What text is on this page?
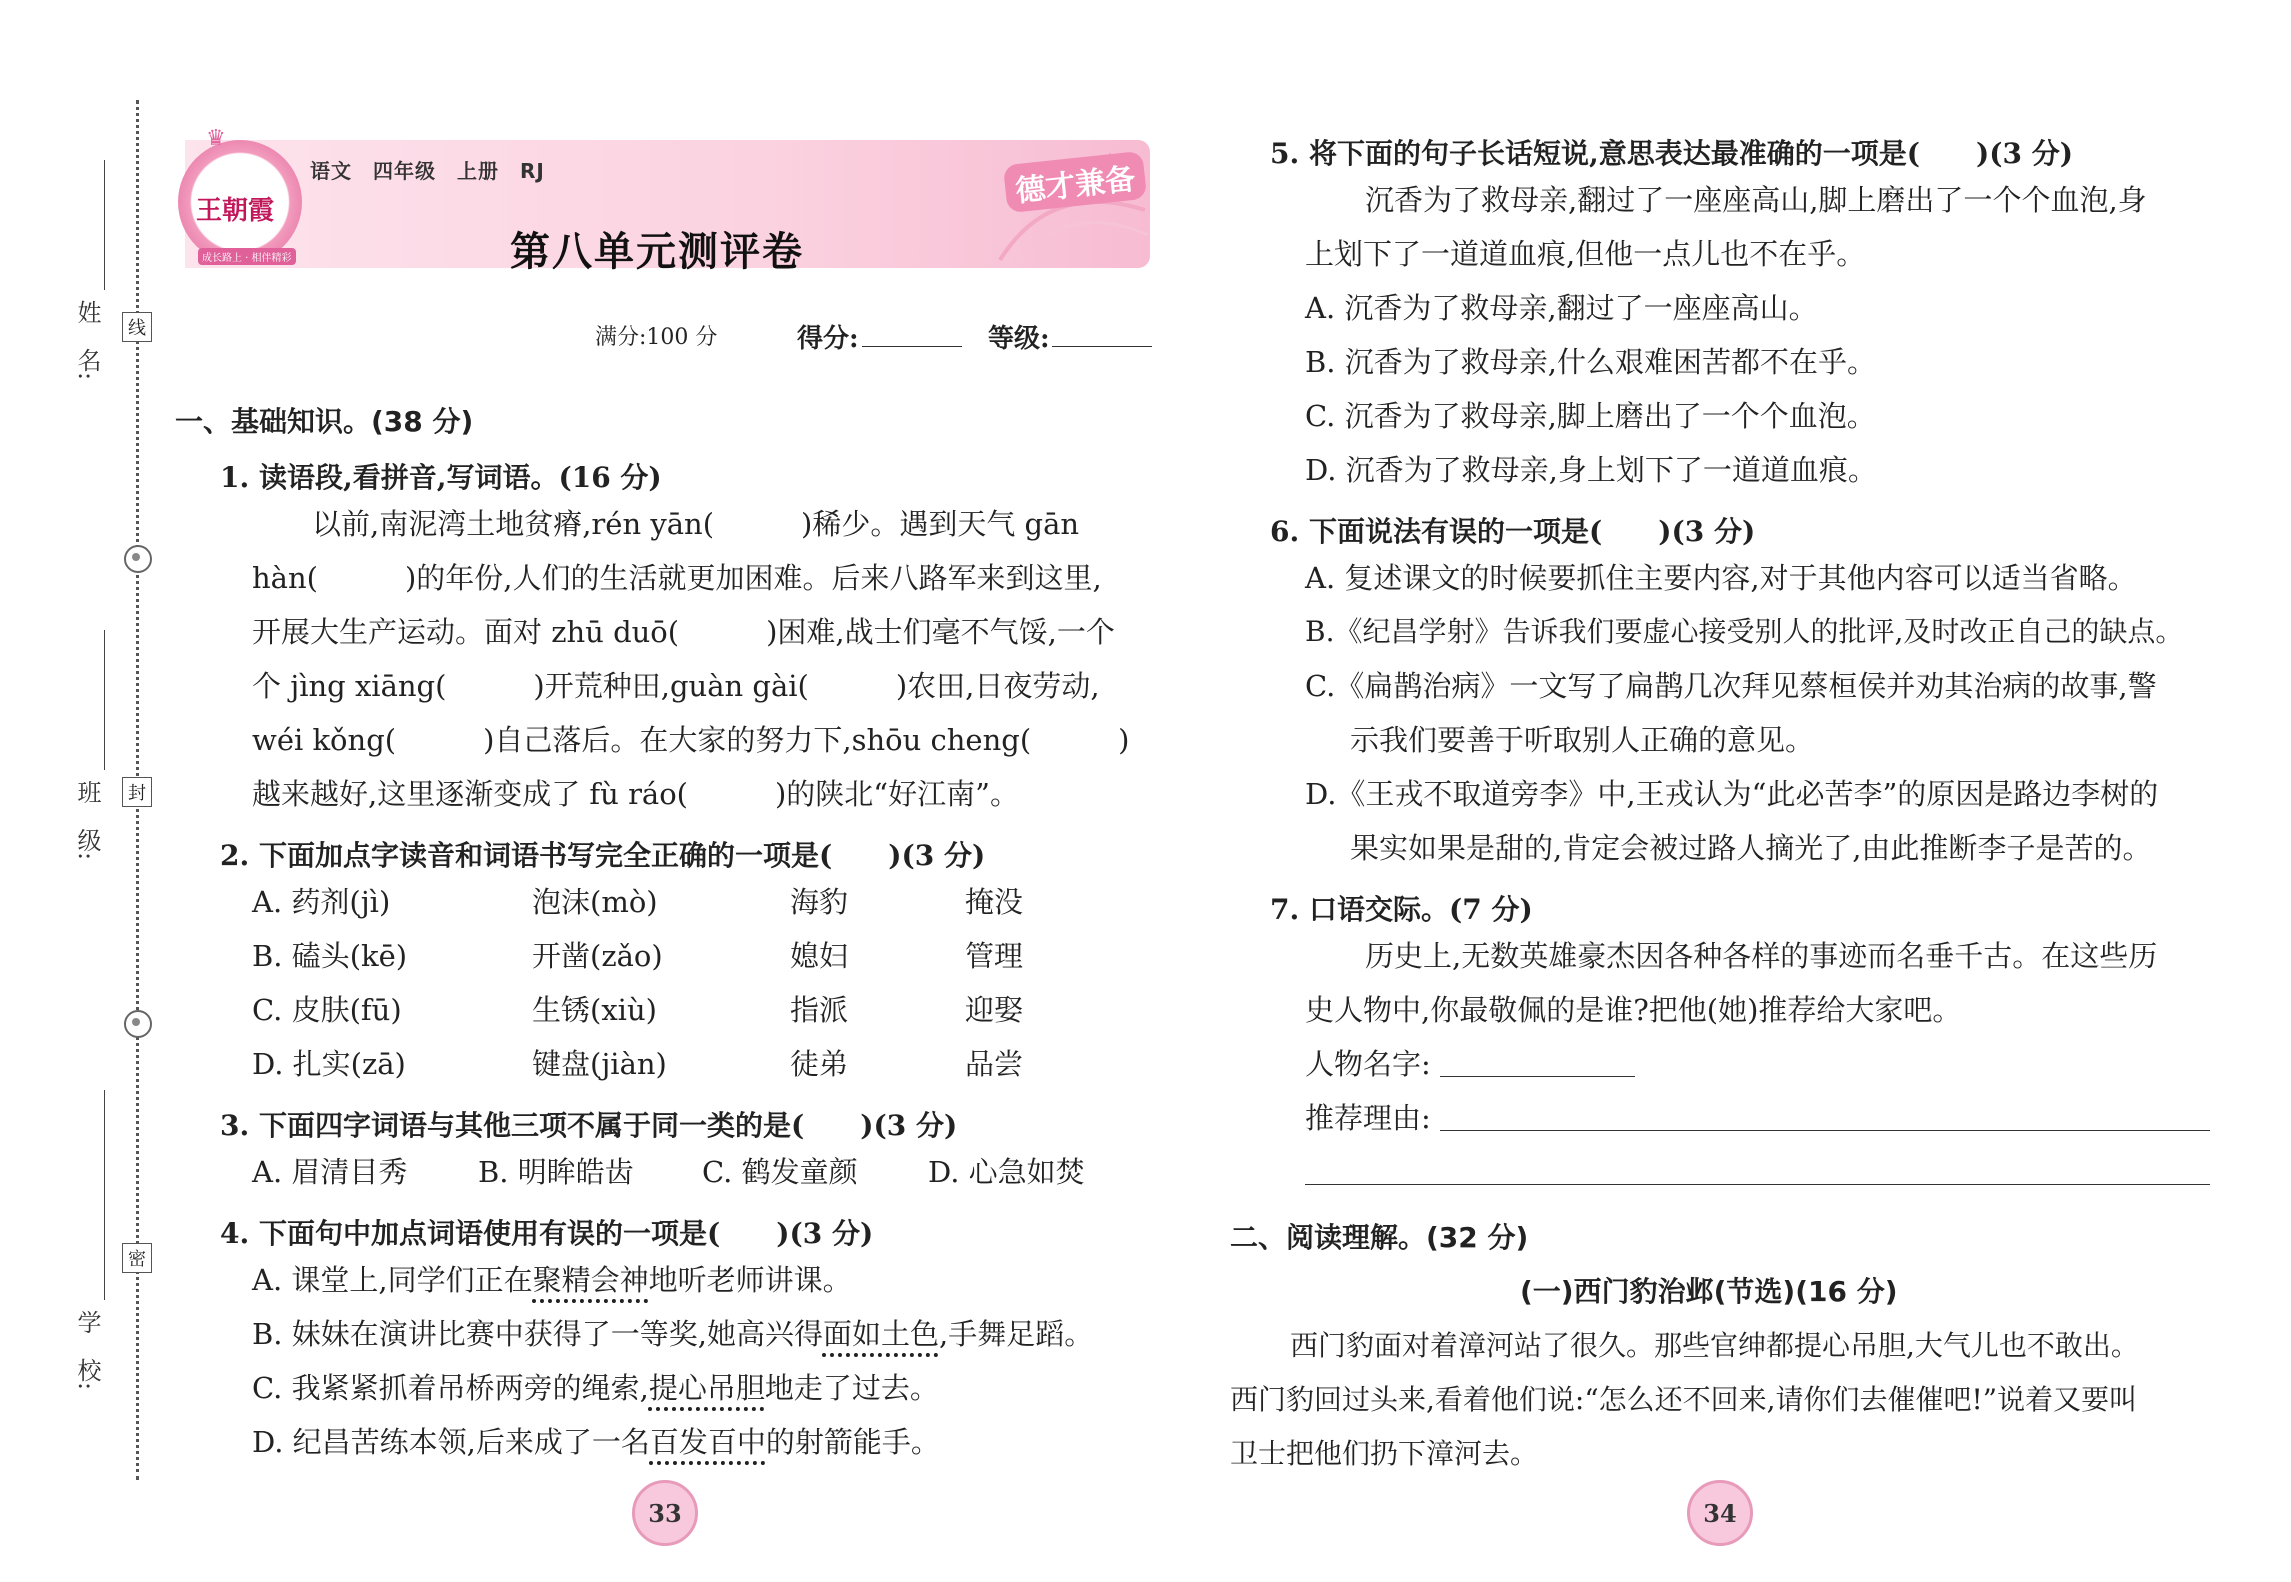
姓　名:
班　级:
学　校:
线
封
密
王朝霞
成长路上 · 相伴精彩
♛
语文　四年级　上册　RJ	德才兼备
第八单元测评卷
满分:100 分	得分:	等级:
一、基础知识。(38 分)
1. 读语段,看拼音,写词语。(16 分)
以前,南泥湾土地贫瘠,rén yān(　　　)稀少。遇到天气 gān
hàn(　　　)的年份,人们的生活就更加困难。后来八路军来到这里,
开展大生产运动。面对 zhū duō(　　　)困难,战士们毫不气馁,一个
个 jìng xiāng(　　　)开荒种田,guàn gài(　　　)农田,日夜劳动,
wéi kǒng(　　　)自己落后。在大家的努力下,shōu cheng(　　　)
越来越好,这里逐渐变成了 fù ráo(　　　)的陕北“好江南”。
2. 下面加点字读音和词语书写完全正确的一项是(　　)(3 分)
A. 药剂(jì)	泡沫(mò)	海豹	掩没
B. 磕头(kē)	开凿(zǎo)	媳妇	管理
C. 皮肤(fū)	生锈(xiù)	指派	迎娶
D. 扎实(zā)	键盘(jiàn)	徒弟	品尝
3. 下面四字词语与其他三项不属于同一类的是(　　)(3 分)
A. 眉清目秀 B. 明眸皓齿 C. 鹤发童颜 D. 心急如焚
4. 下面句中加点词语使用有误的一项是(　　)(3 分)
A. 课堂上,同学们正在聚精会神地听老师讲课。
B. 妹妹在演讲比赛中获得了一等奖,她高兴得面如土色,手舞足蹈。
C. 我紧紧抓着吊桥两旁的绳索,提心吊胆地走了过去。
D. 纪昌苦练本领,后来成了一名百发百中的射箭能手。
33
5. 将下面的句子长话短说,意思表达最准确的一项是(　　)(3 分)
沉香为了救母亲,翻过了一座座高山,脚上磨出了一个个血泡,身
上划下了一道道血痕,但他一点儿也不在乎。
A. 沉香为了救母亲,翻过了一座座高山。
B. 沉香为了救母亲,什么艰难困苦都不在乎。
C. 沉香为了救母亲,脚上磨出了一个个血泡。
D. 沉香为了救母亲,身上划下了一道道血痕。
6. 下面说法有误的一项是(　　)(3 分)
A. 复述课文的时候要抓住主要内容,对于其他内容可以适当省略。
B.《纪昌学射》告诉我们要虚心接受别人的批评,及时改正自己的缺点。
C.《扁鹊治病》一文写了扁鹊几次拜见蔡桓侯并劝其治病的故事,警
示我们要善于听取别人正确的意见。
D.《王戎不取道旁李》中,王戎认为“此必苦李”的原因是路边李树的
果实如果是甜的,肯定会被过路人摘光了,由此推断李子是苦的。
7. 口语交际。(7 分)
历史上,无数英雄豪杰因各种各样的事迹而名垂千古。在这些历
史人物中,你最敬佩的是谁?把他(她)推荐给大家吧。
人物名字:
推荐理由:
二、阅读理解。(32 分)
(一)西门豹治邺(节选)(16 分)
西门豹面对着漳河站了很久。那些官绅都提心吊胆,大气儿也不敢出。
西门豹回过头来,看着他们说:“怎么还不回来,请你们去催催吧!”说着又要叫
卫士把他们扔下漳河去。
34
